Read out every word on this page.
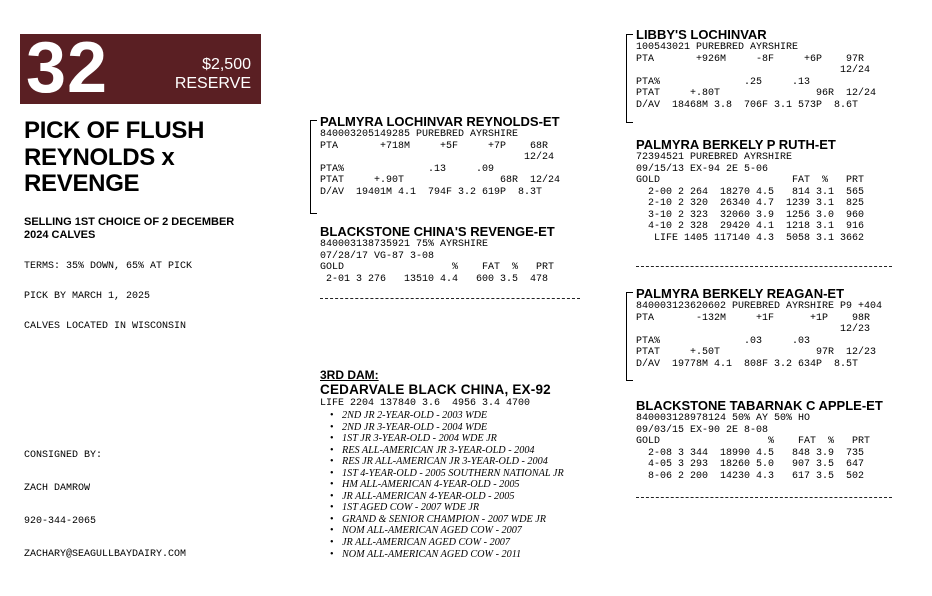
32	$2,500
RESERVE
PICK OF FLUSH
REYNOLDS x
REVENGE
SELLING 1ST CHOICE OF 2 DECEMBER
2024 CALVES
TERMS: 35% DOWN, 65% AT PICK
PICK BY MARCH 1, 2025
CALVES LOCATED IN WISCONSIN

CONSIGNED BY:

ZACH DAMROW

920-344-2065

ZACHARY@SEAGULLBAYDAIRY.COM

PALMYRA LOCHINVAR REYNOLDS-ET
840003205149285 PUREBRED AYRSHIRE
PTA       +718M     +5F     +7P    68R
12/24
PTA%              .13     .09
PTAT     +.90T                68R  12/24
D/AV  19401M 4.1  794F 3.2 619P  8.3T
BLACKSTONE CHINA'S REVENGE-ET
840003138735921 75% AYRSHIRE
07/28/17 VG-87 3-08
GOLD                  %    FAT  %   PRT
2-01 3 276   13510 4.4   600 3.5  478
3RD DAM:
CEDARVALE BLACK CHINA, EX-92
LIFE 2204 137840 3.6  4956 3.4 4700
• 2ND JR 2-YEAR-OLD - 2003 WDE
• 2ND JR 3-YEAR-OLD - 2004 WDE
• 1ST JR 3-YEAR-OLD - 2004 WDE JR
• RES ALL-AMERICAN JR 3-YEAR-OLD - 2004
• RES JR ALL-AMERICAN JR 3-YEAR-OLD - 2004
• 1ST 4-YEAR-OLD - 2005 SOUTHERN NATIONAL JR
• HM ALL-AMERICAN 4-YEAR-OLD - 2005
• JR ALL-AMERICAN 4-YEAR-OLD - 2005
• 1ST AGED COW - 2007 WDE JR
• GRAND & SENIOR CHAMPION - 2007 WDE JR
• NOM ALL-AMERICAN AGED COW - 2007
• JR ALL-AMERICAN AGED COW - 2007
• NOM ALL-AMERICAN AGED COW - 2011
LIBBY'S LOCHINVAR
100543021 PUREBRED AYRSHIRE
PTA       +926M     -8F     +6P    97R
12/24
PTA%              .25     .13
PTAT     +.80T                96R  12/24
D/AV  18468M 3.8  706F 3.1 573P  8.6T
PALMYRA BERKELY P RUTH-ET
72394521 PUREBRED AYRSHIRE
09/15/13 EX-94 2E 5-06
GOLD                      FAT  %   PRT
2-00 2 264  18270 4.5   814 3.1  565
2-10 2 320  26340 4.7  1239 3.1  825
3-10 2 323  32060 3.9  1256 3.0  960
4-10 2 328  29420 4.1  1218 3.1  916
LIFE 1405 117140 4.3  5058 3.1 3662
PALMYRA BERKELY REAGAN-ET
840003123620602 PUREBRED AYRSHIRE P9 +404
PTA       -132M     +1F      +1P    98R
12/23
PTA%              .03     .03
PTAT     +.50T                97R  12/23
D/AV  19778M 4.1  808F 3.2 634P  8.5T
BLACKSTONE TABARNAK C APPLE-ET
840003128978124 50% AY 50% HO
09/03/15 EX-90 2E 8-08
GOLD                  %    FAT  %   PRT
2-08 3 344  18990 4.5   848 3.9  735
4-05 3 293  18260 5.0   907 3.5  647
8-06 2 200  14230 4.3   617 3.5  502
